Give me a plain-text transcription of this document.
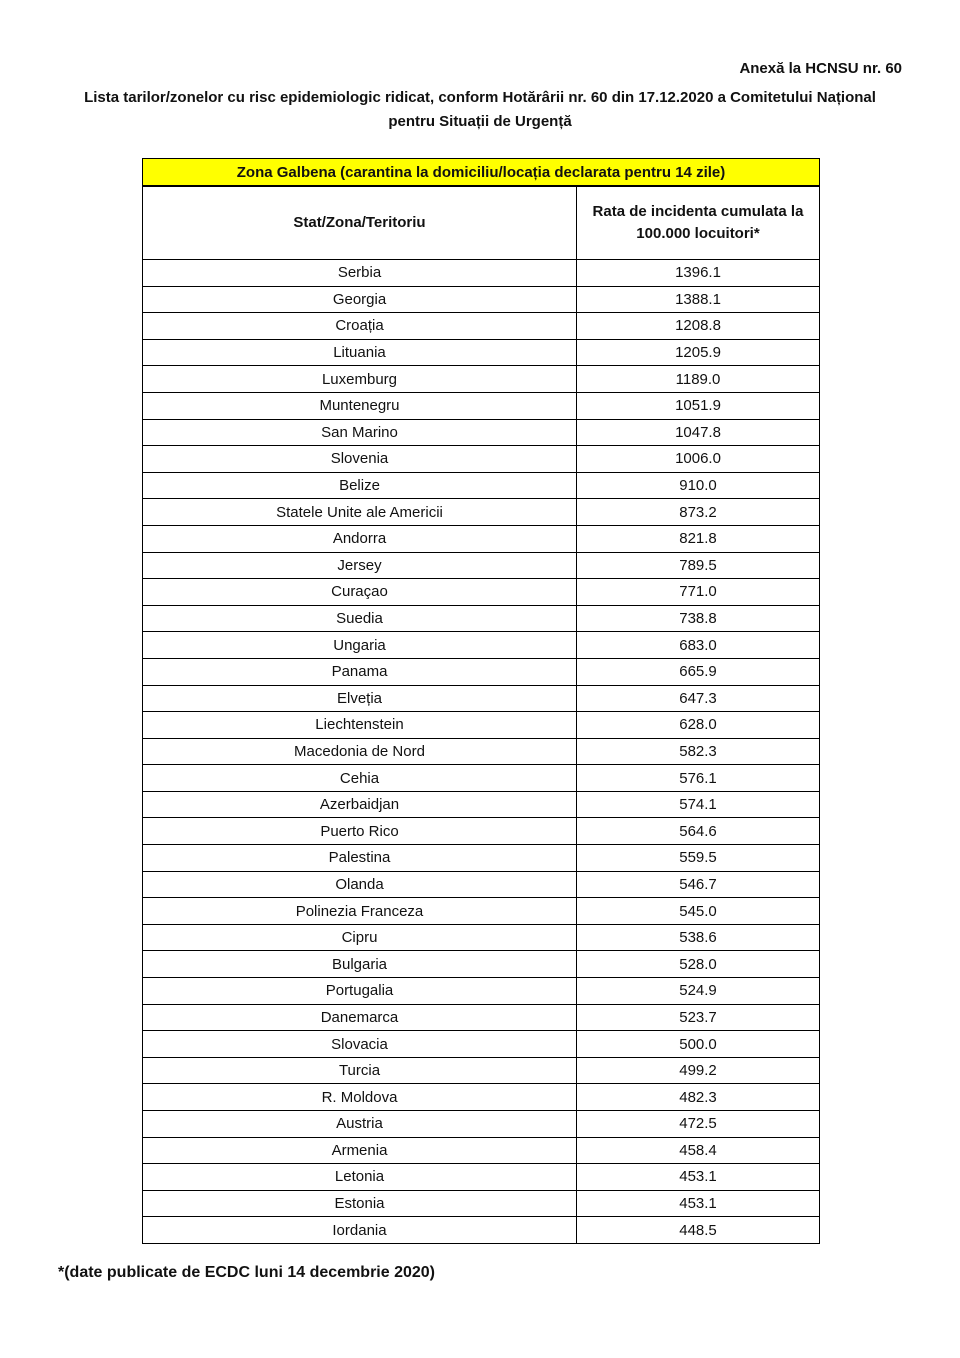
Anexă la HCNSU nr. 60
Lista tarilor/zonelor cu risc epidemiologic ridicat, conform Hotărârii nr. 60 din 17.12.2020 a Comitetului Național
pentru Situații de Urgență
Zona Galbena (carantina la domiciliu/locația declarata pentru 14 zile)	
Stat/Zona/Teritoriu	Rata de incidenta cumulata la 100.000 locuitori*
Serbia	1396.1
Georgia	1388.1
Croația	1208.8
Lituania	1205.9
Luxemburg	1189.0
Muntenegru	1051.9
San Marino	1047.8
Slovenia	1006.0
Belize	910.0
Statele Unite ale Americii	873.2
Andorra	821.8
Jersey	789.5
Curaçao	771.0
Suedia	738.8
Ungaria	683.0
Panama	665.9
Elveția	647.3
Liechtenstein	628.0
Macedonia de Nord	582.3
Cehia	576.1
Azerbaidjan	574.1
Puerto Rico	564.6
Palestina	559.5
Olanda	546.7
Polinezia Franceza	545.0
Cipru	538.6
Bulgaria	528.0
Portugalia	524.9
Danemarca	523.7
Slovacia	500.0
Turcia	499.2
R. Moldova	482.3
Austria	472.5
Armenia	458.4
Letonia	453.1
Estonia	453.1
Iordania	448.5
*(date publicate de ECDC luni 14 decembrie 2020)
